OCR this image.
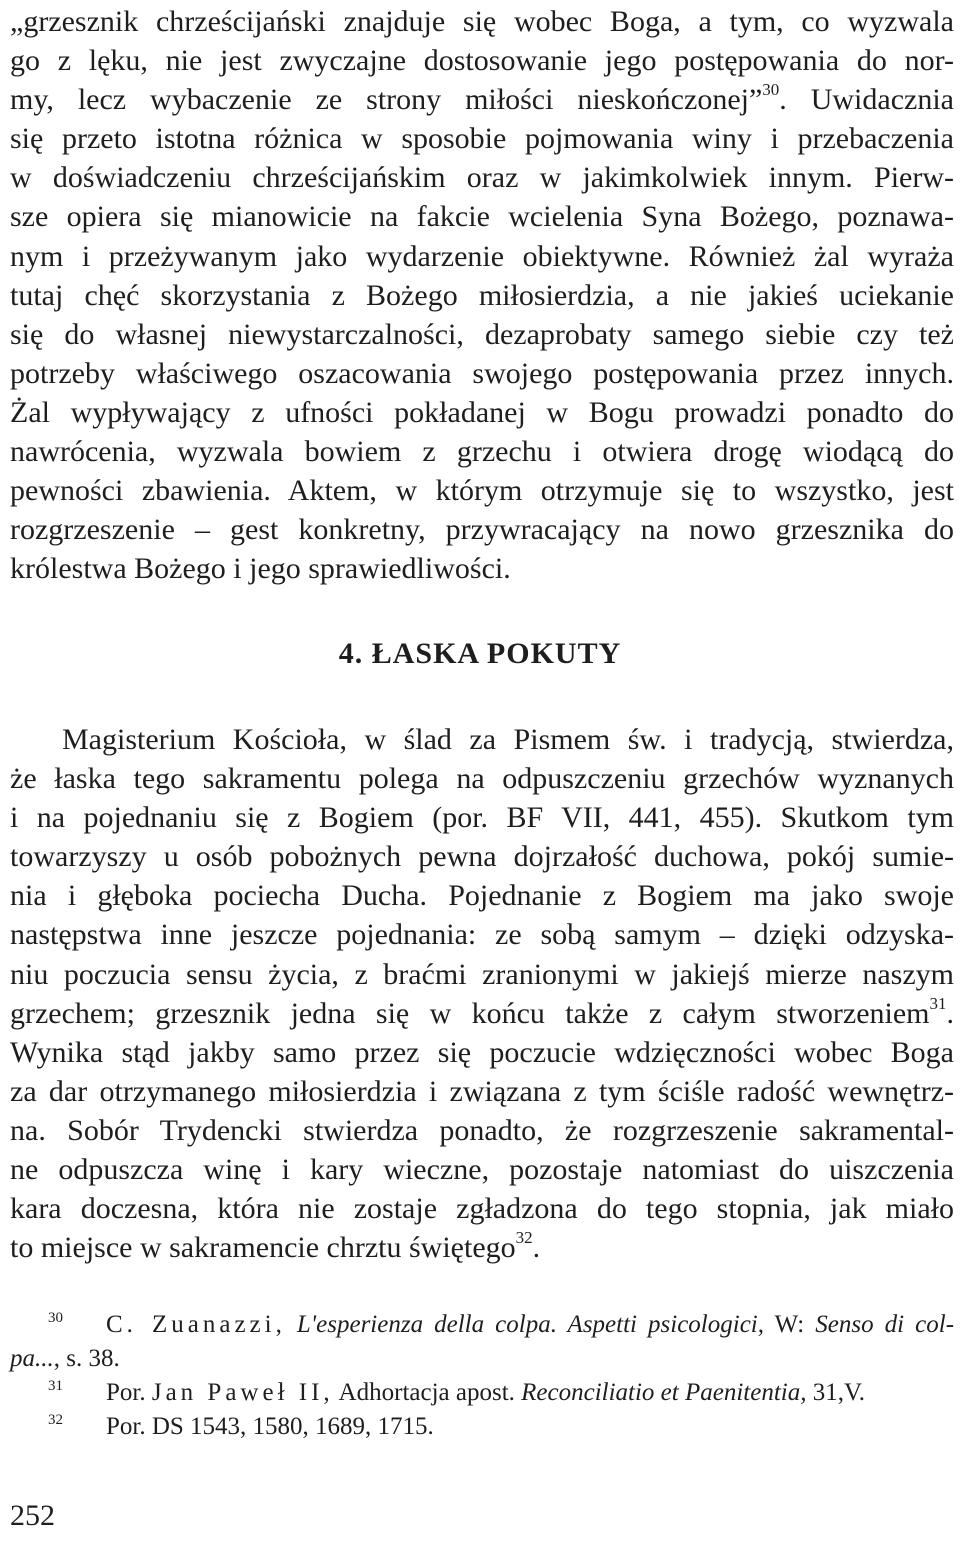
„grzesznik chrześcijański znajduje się wobec Boga, a tym, co wyzwala
go z lęku, nie jest zwyczajne dostosowanie jego postępowania do nor-
my, lecz wybaczenie ze strony miłości nieskończonej”$^{30}$. Uwidacznia
się przeto istotna różnica w sposobie pojmowania winy i przebaczenia
w doświadczeniu chrześcijańskim oraz w jakimkolwiek innym. Pierw-
sze opiera się mianowicie na fakcie wcielenia Syna Bożego, poznawa-
nym i przeżywanym jako wydarzenie obiektywne. Również żal wyraża
tutaj chęć skorzystania z Bożego miłosierdzia, a nie jakieś uciekanie
się do własnej niewystarczalności, dezaprobaty samego siebie czy też
potrzeby właściwego oszacowania swojego postępowania przez innych.
Żal wypływający z ufności pokładanej w Bogu prowadzi ponadto do
nawrócenia, wyzwala bowiem z grzechu i otwiera drogę wiodącą do
pewności zbawienia. Aktem, w którym otrzymuje się to wszystko, jest
rozgrzeszenie – gest konkretny, przywracający na nowo grzesznika do
królestwa Bożego i jego sprawiedliwości.
4. ŁASKA POKUTY
Magisterium Kościoła, w ślad za Pismem św. i tradycją, stwierdza,
że łaska tego sakramentu polega na odpuszczeniu grzechów wyznanych
i na pojednaniu się z Bogiem (por. BF VII, 441, 455). Skutkom tym
towarzyszy u osób pobożnych pewna dojrzałość duchowa, pokój sumie-
nia i głęboka pociecha Ducha. Pojednanie z Bogiem ma jako swoje
następstwa inne jeszcze pojednania: ze sobą samym – dzięki odzyska-
niu poczucia sensu życia, z braćmi zranionymi w jakiejś mierze naszym
grzechem; grzesznik jedna się w końcu także z całym stworzeniem$^{31}$.
Wynika stąd jakby samo przez się poczucie wdzięczności wobec Boga
za dar otrzymanego miłosierdzia i związana z tym ściśle radość wewnętrz-
na. Sobór Trydencki stwierdza ponadto, że rozgrzeszenie sakramental-
ne odpuszcza winę i kary wieczne, pozostaje natomiast do uiszczenia
kara doczesna, która nie zostaje zgładzona do tego stopnia, jak miało
to miejsce w sakramencie chrztu świętego$^{32}$.
30 C. Zuanazzi, L'esperienza della colpa. Aspetti psicologici, W: Senso di col-
pa..., s. 38.
31 Por. Jan Paweł II, Adhortacja apost. Reconciliatio et Paenitentia, 31,V.
32 Por. DS 1543, 1580, 1689, 1715.
252
